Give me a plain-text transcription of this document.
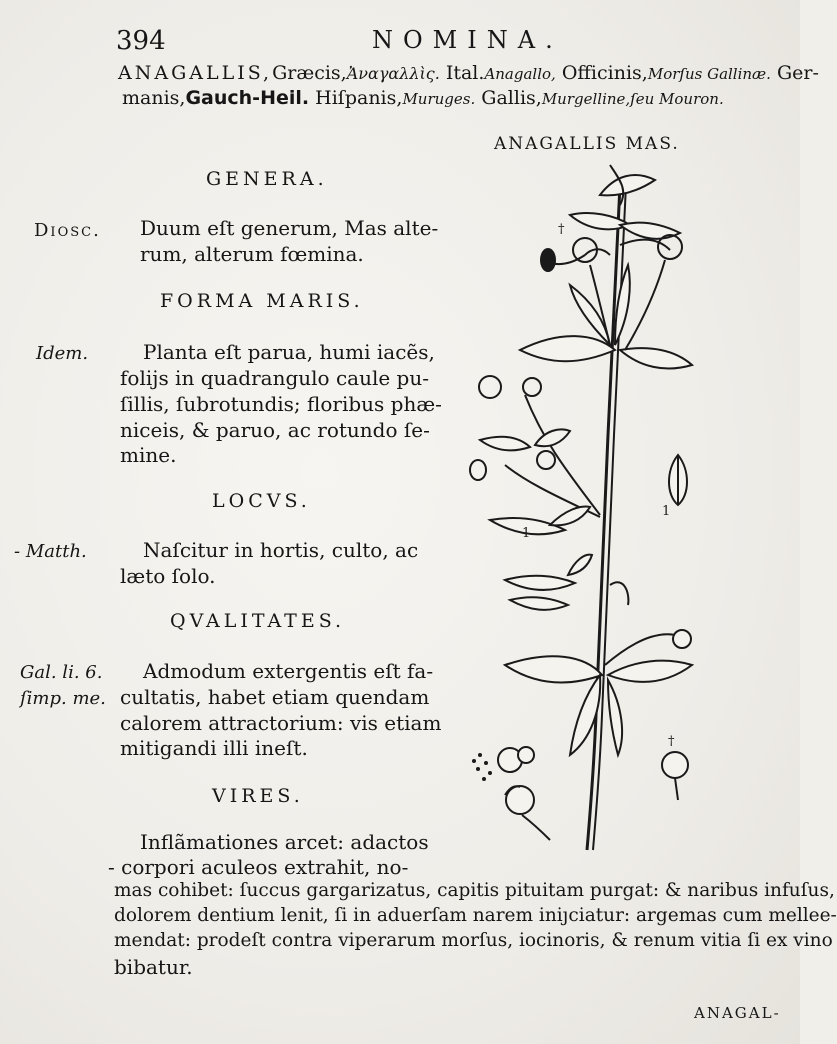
394	NOMINA.
ANAGALLIS,Græcis,Ἀναγαλλὶς. Ital.Anagallo, Officinis,Morſus Gallinæ. Ger-
manis,Gauch-Heil. Hiſpanis,Muruges. Gallis,Murgelline,ſeu Mouron.
ANAGALLIS MAS.
GENERA.
Diosc. Duum eſt generum, Mas alte-
rum, alterum fœmina.
FORMA MARIS.
Idem.	Planta eſt parua, humi iacẽs,
folijs in quadrangulo caule pu-
ſillis, ſubrotundis; floribus phæ-
niceis, & paruo, ac rotundo ſe-
mine.
LOCVS.
- Matth.	Naſcitur in hortis, culto, ac
læto ſolo.
QVALITATES.
Gal. li. 6.
ſimp. me.
Admodum extergentis eſt fa-
cultatis, habet etiam quendam
calorem attractorium: vis etiam
mitigandi illi ineſt.
VIRES.
Inflãmationes arcet: adactos
- corpori aculeos extrahit, no-
mas cohibet: ſuccus gargarizatus, capitis pituitam purgat: & naribus infuſus,
dolorem dentium lenit, ſi in aduerſam narem iniȷciatur: argemas cum mellee-
mendat: prodeſt contra viperarum morſus, iocinoris, & renum vitia ſi ex vino
bibatur.
ANAGAL-
†
†
1
1
